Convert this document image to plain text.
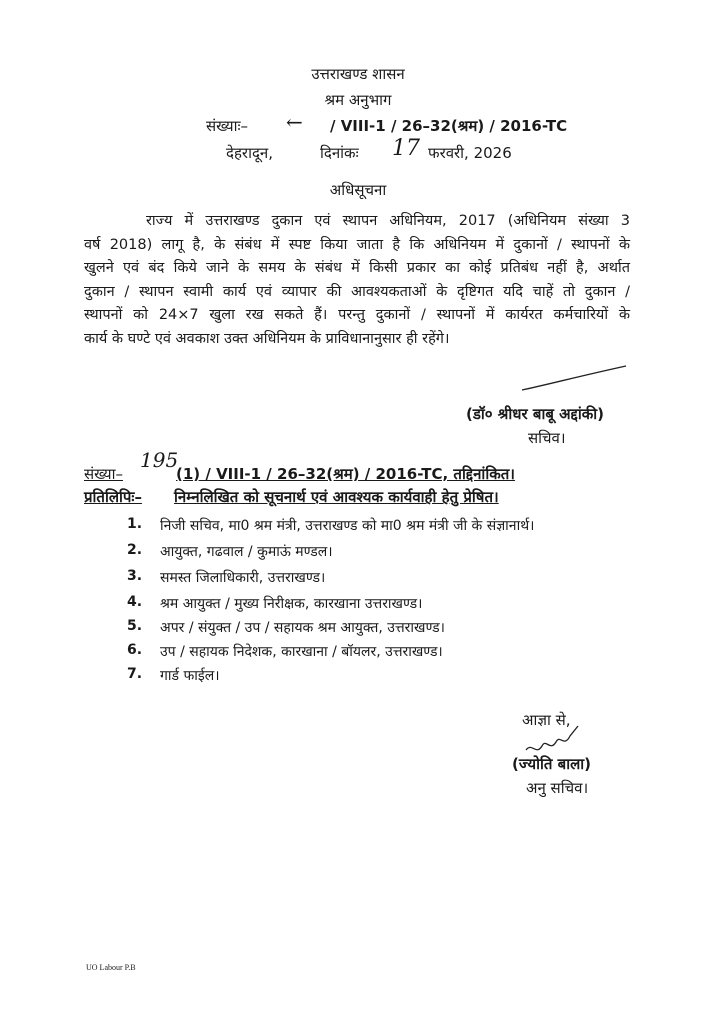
उत्तराखण्ड शासन
श्रम अनुभाग
संख्याः– ← / VIII-1 / 26–32(श्रम) / 2016-TC
देहरादून,	दिनांकः 17 फरवरी, 2026
अधिसूचना
राज्य में उत्तराखण्ड दुकान एवं स्थापन अधिनियम, 2017 (अधिनियम संख्या 3
वर्ष 2018) लागू है, के संबंध में स्पष्ट किया जाता है कि अधिनियम में दुकानों / स्थापनों के
खुलने एवं बंद किये जाने के समय के संबंध में किसी प्रकार का कोई प्रतिबंध नहीं है, अर्थात
दुकान / स्थापन स्वामी कार्य एवं व्यापार की आवश्यकताओं के दृष्टिगत यदि चाहें तो दुकान /
स्थापनों को 24×7 खुला रख सकते हैं। परन्तु दुकानों / स्थापनों में कार्यरत कर्मचारियों के
कार्य के घण्टे एवं अवकाश उक्त अधिनियम के प्राविधानानुसार ही रहेंगे।
(डॉ० श्रीधर बाबू अद्दांकी)
सचिव।
संख्या–
195
(1) / VIII-1 / 26–32(श्रम) / 2016-TC, तद्दिनांकित।
प्रतिलिपिः– निम्नलिखित को सूचनार्थ एवं आवश्यक कार्यवाही हेतु प्रेषित।
1. निजी सचिव, मा0 श्रम मंत्री, उत्तराखण्ड को मा0 श्रम मंत्री जी के संज्ञानार्थ।
2. आयुक्त, गढवाल / कुमाऊं मण्डल।
3. समस्त जिलाधिकारी, उत्तराखण्ड।
4. श्रम आयुक्त / मुख्य निरीक्षक, कारखाना उत्तराखण्ड।
5. अपर / संयुक्त / उप / सहायक श्रम आयुक्त, उत्तराखण्ड।
6. उप / सहायक निदेशक, कारखाना / बॉयलर, उत्तराखण्ड।
7. गार्ड फाईल।
आज्ञा से,
(ज्योति बाला)
अनु सचिव।
UO Labour P.B
